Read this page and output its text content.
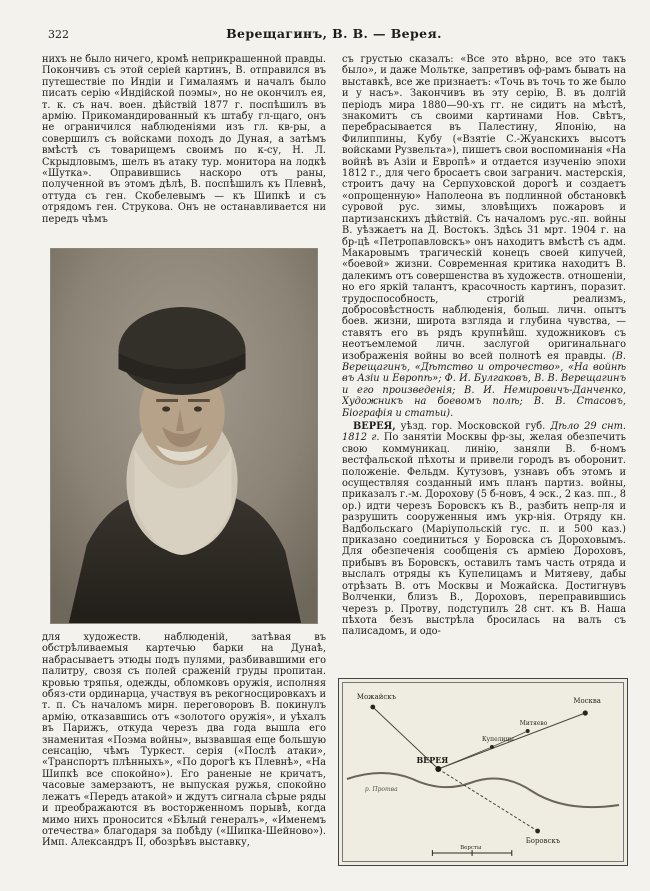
322	Верещагинъ, В. В. — Верея.
нихъ не было ничего, кромѣ неприкрашенной правды. Покончивъ съ этой серіей картинъ, В. отправился въ путешествіе по Индіи и Гималаямъ и началъ было писать серію «Индійской поэмы», но не окончилъ ея, т. к. съ нач. воен. дѣйствій 1877 г. поспѣшилъ въ армію. Прикомандированный къ штабу гл-щаго, онъ не ограничился наблюденіями изъ гл. кв-ры, а совершилъ съ войсками походъ до Дуная, а затѣмъ вмѣстѣ съ товарищемъ своимъ по к-су, Н. Л. Скрыдловымъ, шелъ въ атаку тур. монитора на лодкѣ «Шутка». Оправившись наскоро отъ раны, полученной въ этомъ дѣлѣ, В. поспѣшилъ къ Плевнѣ, оттуда съ ген. Скобелевымъ — къ Шипкѣ и съ отрядомъ ген. Струкова. Онъ не останавливается ни передъ чѣмъ
для художеств. наблюденій, затѣвая въ обстрѣливаемыя картечью барки на Дунаѣ, набрасываетъ этюды подъ пулями, разбивавшими его палитру, свозя съ полей сраженій груды пропитан. кровью тряпья, одежды, обломковъ оружія, исполняя обяз-сти ординарца, участвуя въ рекогносцировкахъ и т. п. Съ началомъ мирн. переговоровъ В. покинулъ армію, отказавшись отъ «золотого оружія», и уѣхалъ въ Парижъ, откуда черезъ два года вышла его знаменитая «Поэма войны», вызвавшая еще большую сенсацію, чѣмъ Туркест. серія («Послѣ атаки», «Транспортъ плѣнныхъ», «По дорогѣ къ Плевнѣ», «На Шипкѣ все спокойно»). Его раненые не кричатъ, часовые замерзаютъ, не выпуская ружья, спокойно лежатъ «Передъ атакой» и ждутъ сигнала сѣрые ряды и преображаются въ восторженномъ порывѣ, когда мимо нихъ проносится «Бѣлый генералъ», «Именемъ отечества» благодаря за побѣду («Шипка-Шейново»). Имп. Александръ II, обозрѣвъ выставку,

съ грустью сказалъ: «Все это вѣрно, все это такъ было», и даже Мольтке, запретивъ оф-рамъ бывать на выставкѣ, все же признаетъ: «Точь въ точь то же было и у насъ». Закончивъ въ эту серію, В. въ долгій періодъ мира 1880—90-хъ гг. не сидитъ на мѣстѣ, знакомитъ съ своими картинами Нов. Свѣтъ, перебрасывается въ Палестину, Японію, на Филиппины, Кубу («Взятіе С.-Жуанскихъ высотъ войсками Рузвельта»), пишетъ свои воспоминанія «На войнѣ въ Азіи и Европѣ» и отдается изученію эпохи 1812 г., для чего бросаетъ свои загранич. мастерскія, строитъ дачу на Серпуховской дорогѣ и создаетъ «опрощенную» Наполеона въ подлинной обстановкѣ суровой рус. зимы, зловѣщихъ пожаровъ и партизанскихъ дѣйствій. Съ началомъ рус.-яп. войны В. уѣзжаетъ на Д. Востокъ. Здѣсь 31 мрт. 1904 г. на бр-цѣ «Петропавловскъ» онъ находитъ вмѣстѣ съ адм. Макаровымъ трагическій конецъ своей кипучей, «боевой» жизни. Современная критика находитъ В. далекимъ отъ совершенства въ художеств. отношеніи, но его яркій талантъ, красочность картинъ, поразит. трудоспособность, строгій реализмъ, добросовѣстность наблюденія, больш. личн. опытъ боев. жизни, широта взгляда и глубина чувства, — ставятъ его въ рядъ крупнѣйш. художниковъ съ неотъемлемой личн. заслугой оригинальнаго изображенія войны во всей полнотѣ ея правды. (В. Верещагинъ, «Дѣтство и отрочество», «На войнѣ въ Азіи и Европѣ»; Ф. И. Булгаковъ, В. В. Верещагинъ и его произведенія; В. И. Немировичъ-Данченко, Художникъ на боевомъ полѣ; В. В. Стасовъ, Біографія и статьи).

ВЕРЕЯ, уѣзд. гор. Московской губ. Дѣло 29 снт. 1812 г. По занятіи Москвы фр-зы, желая обезпечить свою коммуникац. линію, заняли В. б-номъ вестфальской пѣхоты и привели городъ въ оборонит. положеніе. Фельдм. Кутузовъ, узнавъ объ этомъ и осуществляя созданный имъ планъ партиз. войны, приказалъ г.-м. Дорохову (5 б-новъ, 4 эск., 2 каз. пп., 8 ор.) идти черезъ Боровскъ къ В., разбить непр-ля и разрушить сооруженныя имъ укр-нія. Отряду кн. Вадбольскаго (Маріупольскій гус. п. и 500 каз.) приказано соединиться у Боровска съ Дороховымъ. Для обезпеченія сообщенія съ арміею Дороховъ, прибывъ въ Боровскъ, оставилъ тамъ часть отряда и выслалъ отряды къ Купелицамъ и Митяеву, дабы отрѣзать В. отъ Москвы и Можайска. Достигнувъ Волченки, близъ В., Дороховъ, переправившись черезъ р. Протву, подступилъ 28 снт. къ В. Наша пѣхота безъ выстрѣла бросилась на валъ съ палисадомъ, и одо-

Можайскъ	Москва
ВЕРЕЯ
Купелицы
Митяево
Боровскъ
р. Протва
Версты
